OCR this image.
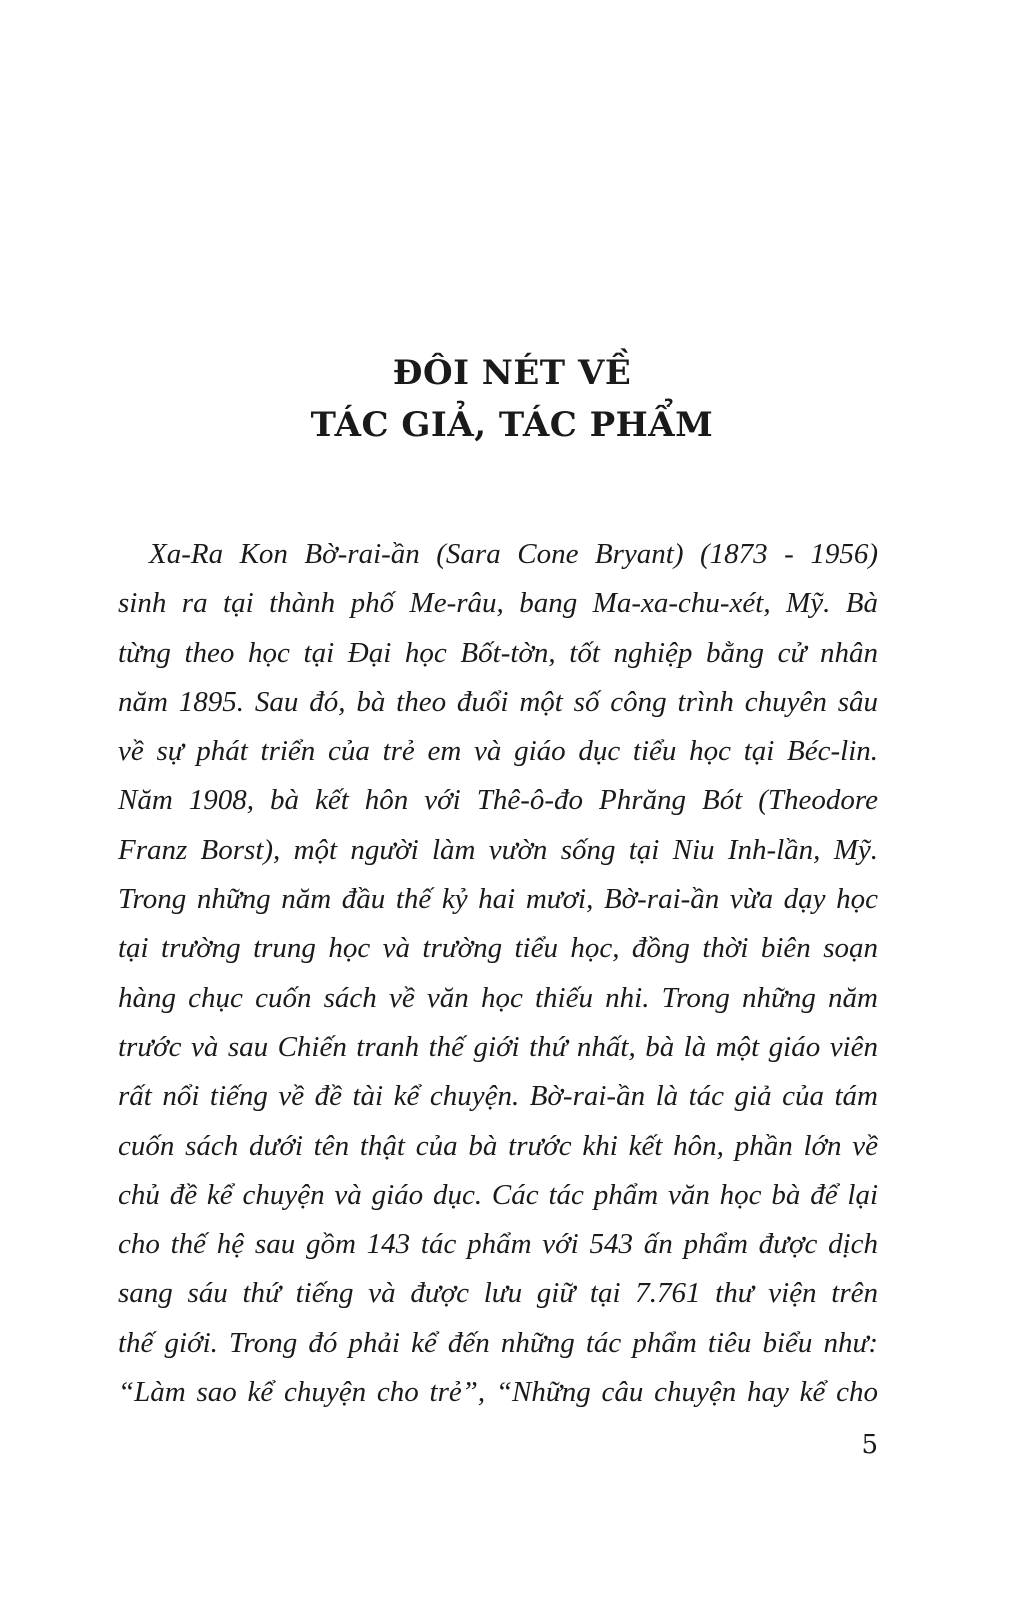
ĐÔI NÉT VỀ
TÁC GIẢ, TÁC PHẨM
Xa-Ra Kon Bờ-rai-ần (Sara Cone Bryant) (1873 - 1956)
sinh ra tại thành phố Me-râu, bang Ma-xa-chu-xét, Mỹ. Bà
từng theo học tại Đại học Bốt-tờn, tốt nghiệp bằng cử nhân
năm 1895. Sau đó, bà theo đuổi một số công trình chuyên sâu
về sự phát triển của trẻ em và giáo dục tiểu học tại Béc-lin.
Năm 1908, bà kết hôn với Thê-ô-đo Phrăng Bót (Theodore
Franz Borst), một người làm vườn sống tại Niu Inh-lần, Mỹ.
Trong những năm đầu thế kỷ hai mươi, Bờ-rai-ần vừa dạy học
tại trường trung học và trường tiểu học, đồng thời biên soạn
hàng chục cuốn sách về văn học thiếu nhi. Trong những năm
trước và sau Chiến tranh thế giới thứ nhất, bà là một giáo viên
rất nổi tiếng về đề tài kể chuyện. Bờ-rai-ần là tác giả của tám
cuốn sách dưới tên thật của bà trước khi kết hôn, phần lớn về
chủ đề kể chuyện và giáo dục. Các tác phẩm văn học bà để lại
cho thế hệ sau gồm 143 tác phẩm với 543 ấn phẩm được dịch
sang sáu thứ tiếng và được lưu giữ tại 7.761 thư viện trên
thế giới. Trong đó phải kể đến những tác phẩm tiêu biểu như:
“Làm sao kể chuyện cho trẻ”, “Những câu chuyện hay kể cho
5
